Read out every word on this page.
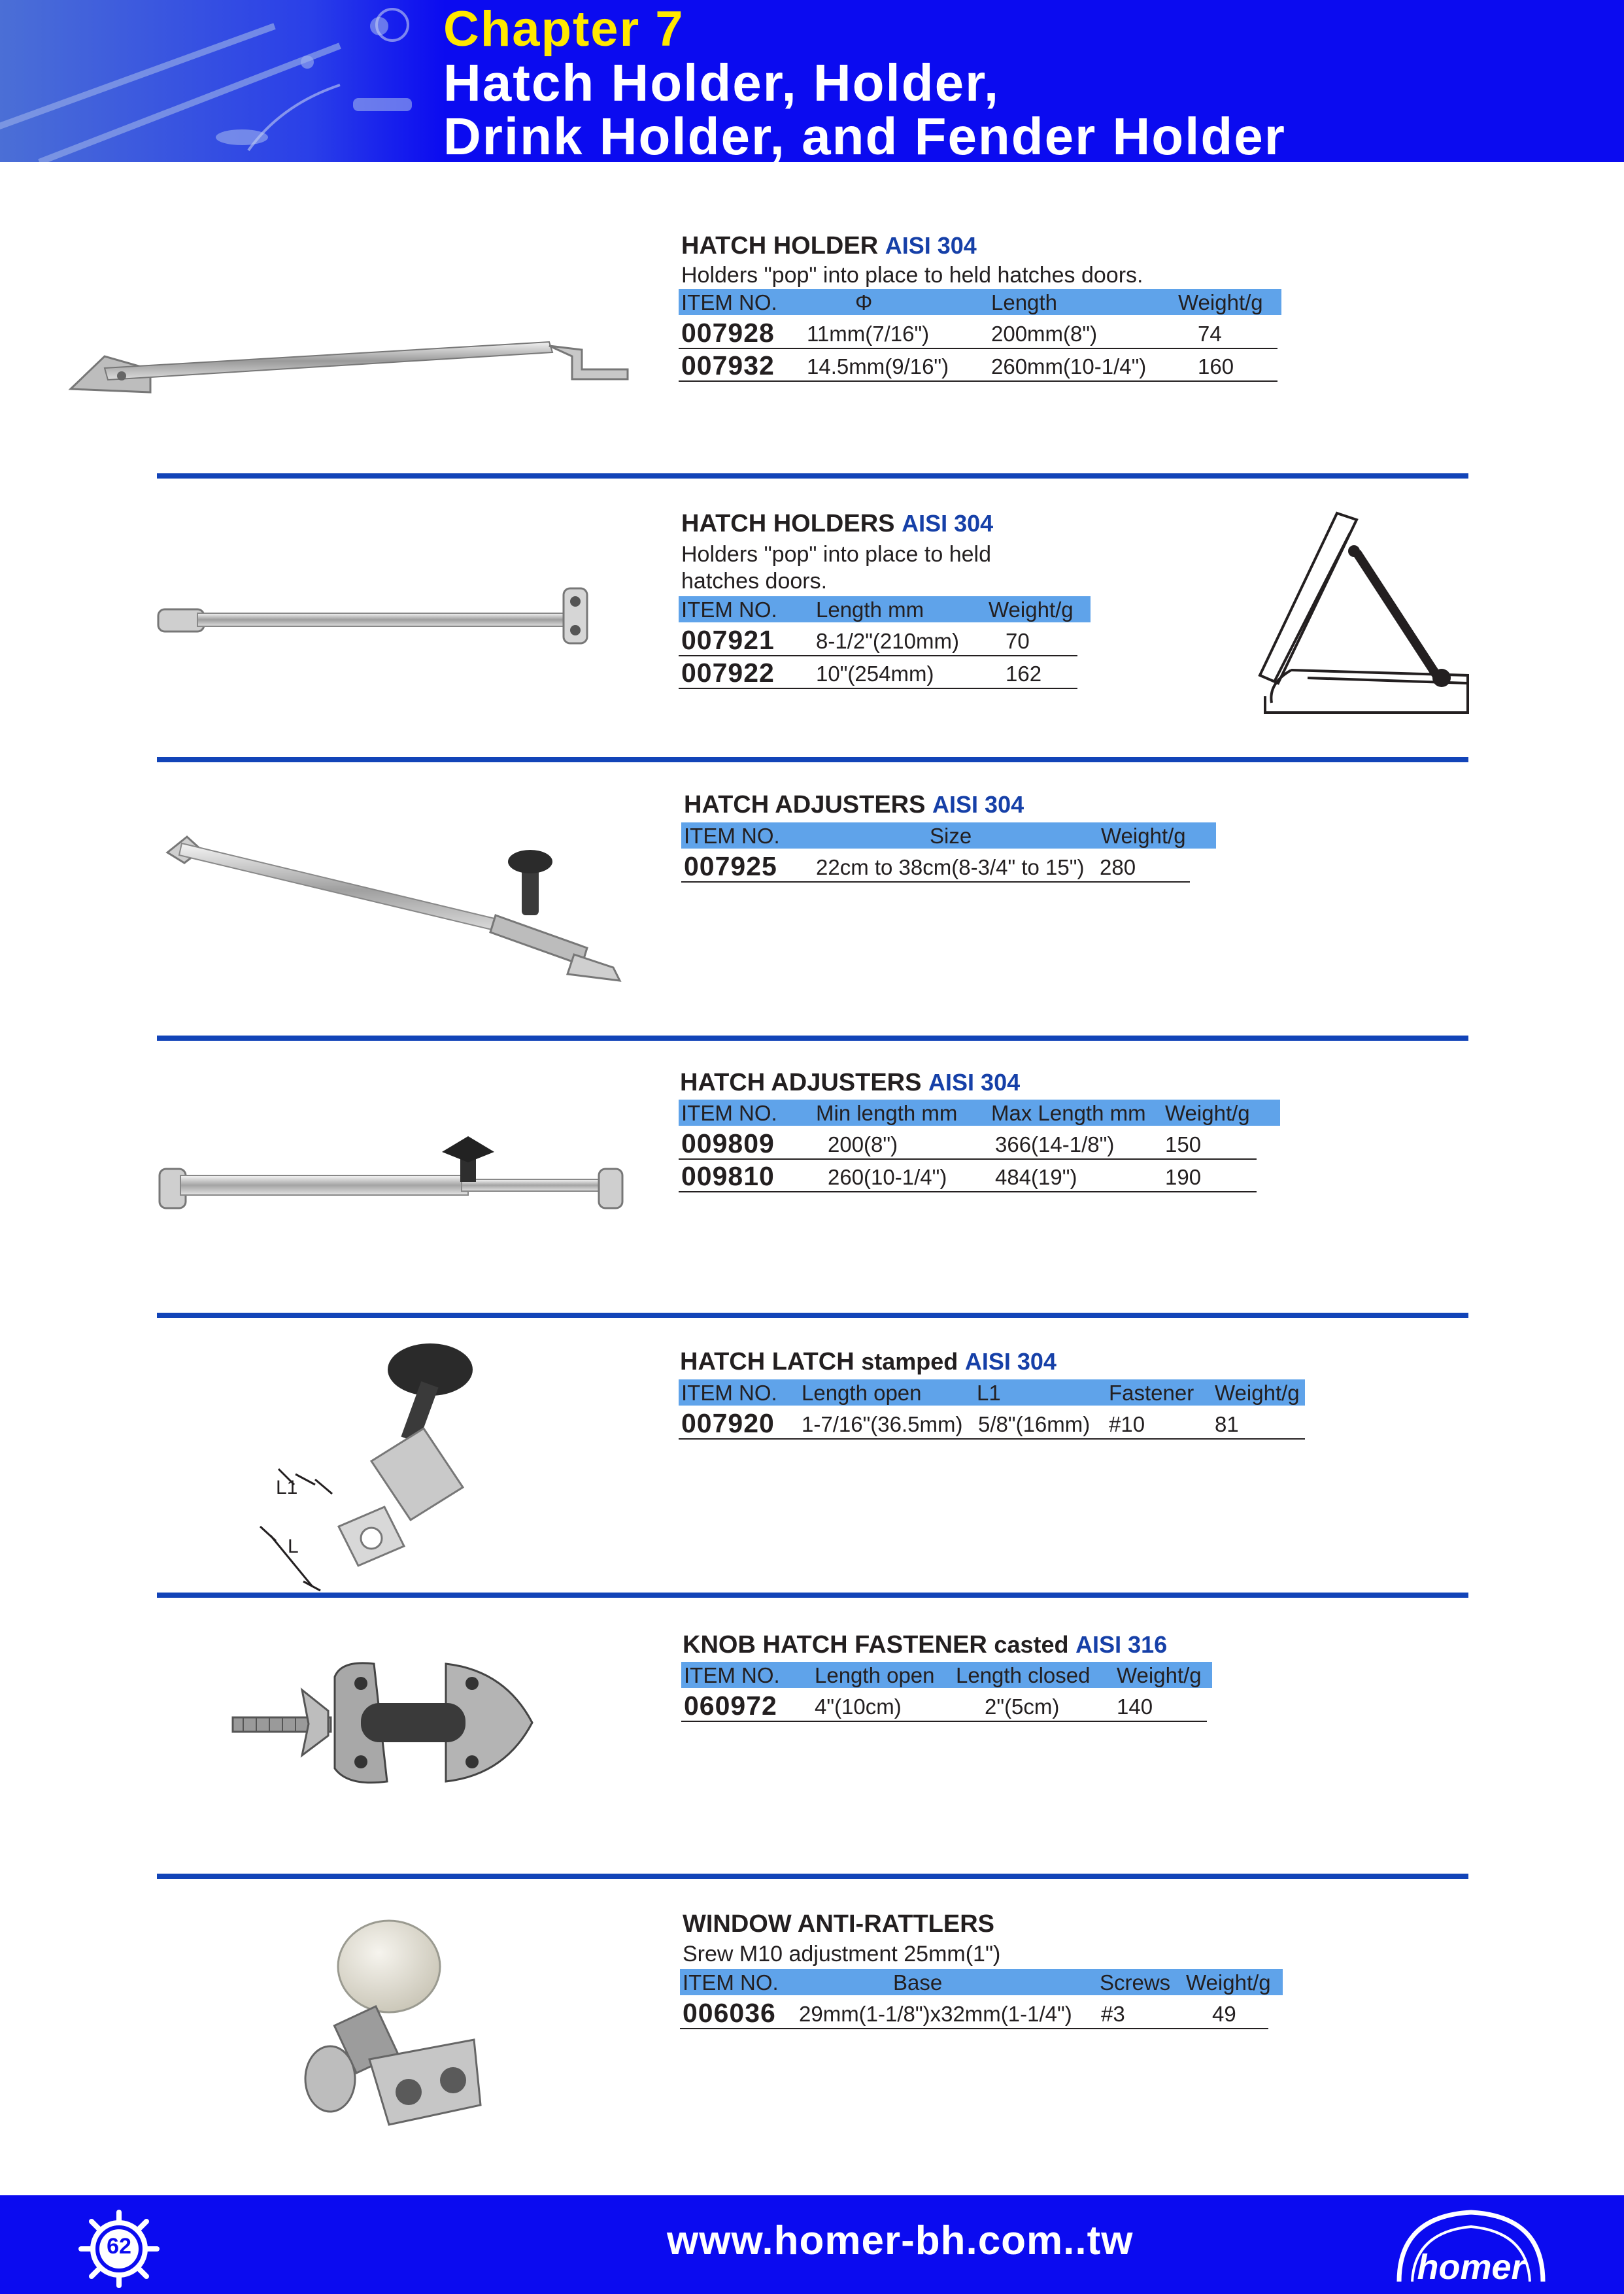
Chapter 7
Hatch Holder, Holder,
Drink Holder, and Fender Holder
HATCH HOLDER AISI 304
Holders "pop" into place to held hatches doors.
ITEM NO.	Φ	Length	Weight/g
007928 11mm(7/16")	200mm(8")	74
007932 14.5mm(9/16") 260mm(10-1/4") 160
HATCH HOLDERS AISI 304
Holders "pop" into place to held
hatches doors.
ITEM NO. Length mm	Weight/g
007921 8-1/2"(210mm) 70
007922 10"(254mm)	162
HATCH ADJUSTERS AISI 304
ITEM NO.	Size	Weight/g
007925 22cm to 38cm(8-3/4" to 15") 280
HATCH ADJUSTERS AISI 304
ITEM NO. Min length mm Max Length mm Weight/g
009809 200(8")	366(14-1/8") 150
009810 260(10-1/4") 484(19")	190
L1
L
HATCH LATCH stamped AISI 304
ITEM NO. Length open	L1	Fastener Weight/g
007920 1-7/16"(36.5mm) 5/8"(16mm) #10	81
KNOB HATCH FASTENER casted AISI 316
ITEM NO. Length open Length closed Weight/g
060972 4"(10cm)	2"(5cm)	140
WINDOW ANTI-RATTLERS
Srew M10 adjustment 25mm(1")
ITEM NO.	Base	Screws Weight/g
006036 29mm(1-1/8")x32mm(1-1/4") #3	49
62	www.homer-bh.com..tw
homer
